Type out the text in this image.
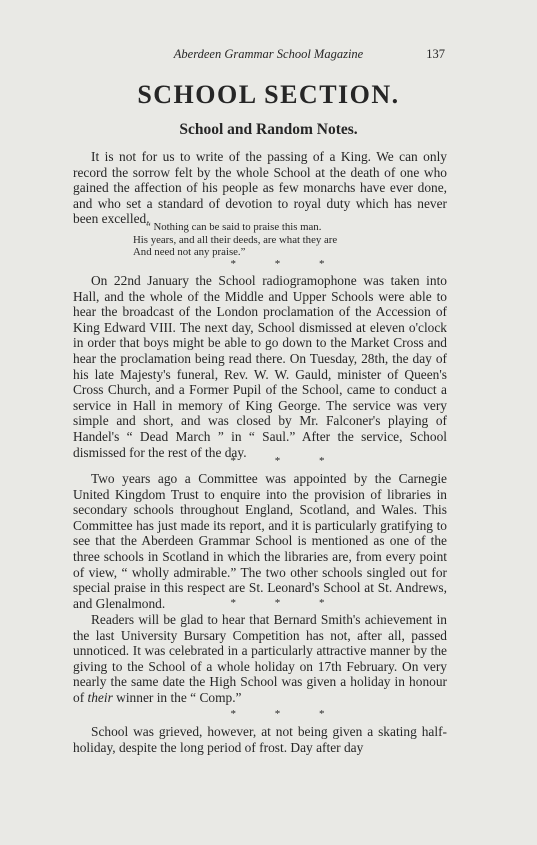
Aberdeen Grammar School Magazine	137
SCHOOL SECTION.
School and Random Notes.

It is not for us to write of the passing of a King. We can only record the sorrow felt by the whole School at the death of one who gained the affection of his people as few monarchs have ever done, and who set a standard of devotion to royal duty which has never been excelled.

“ Nothing can be said to praise this man.
His years, and all their deeds, are what they are
And need not any praise.”
* * *

On 22nd January the School radiogramophone was taken into Hall, and the whole of the Middle and Upper Schools were able to hear the broadcast of the London proclamation of the Accession of King Edward VIII. The next day, School dismissed at eleven o'clock in order that boys might be able to go down to the Market Cross and hear the proclamation being read there. On Tuesday, 28th, the day of his late Majesty's funeral, Rev. W. W. Gauld, minister of Queen's Cross Church, and a Former Pupil of the School, came to conduct a service in Hall in memory of King George. The service was very simple and short, and was closed by Mr. Falconer's playing of Handel's “ Dead March ” in “ Saul.” After the service, School dismissed for the rest of the day.

* * *

Two years ago a Committee was appointed by the Carnegie United Kingdom Trust to enquire into the provision of libraries in secondary schools throughout England, Scotland, and Wales. This Committee has just made its report, and it is particularly gratifying to see that the Aberdeen Grammar School is mentioned as one of the three schools in Scotland in which the libraries are, from every point of view, “ wholly admirable.” The two other schools singled out for special praise in this respect are St. Leonard's School at St. Andrews, and Glenalmond.	* * *

Readers will be glad to hear that Bernard Smith's achievement in the last University Bursary Competition has not, after all, passed unnoticed. It was celebrated in a particularly attractive manner by the giving to the School of a whole holiday on 17th February. On very nearly the same date the High School was given a holiday in honour of their winner in the “ Comp.”

* * *

School was grieved, however, at not being given a skating half-holiday, despite the long period of frost. Day after day
